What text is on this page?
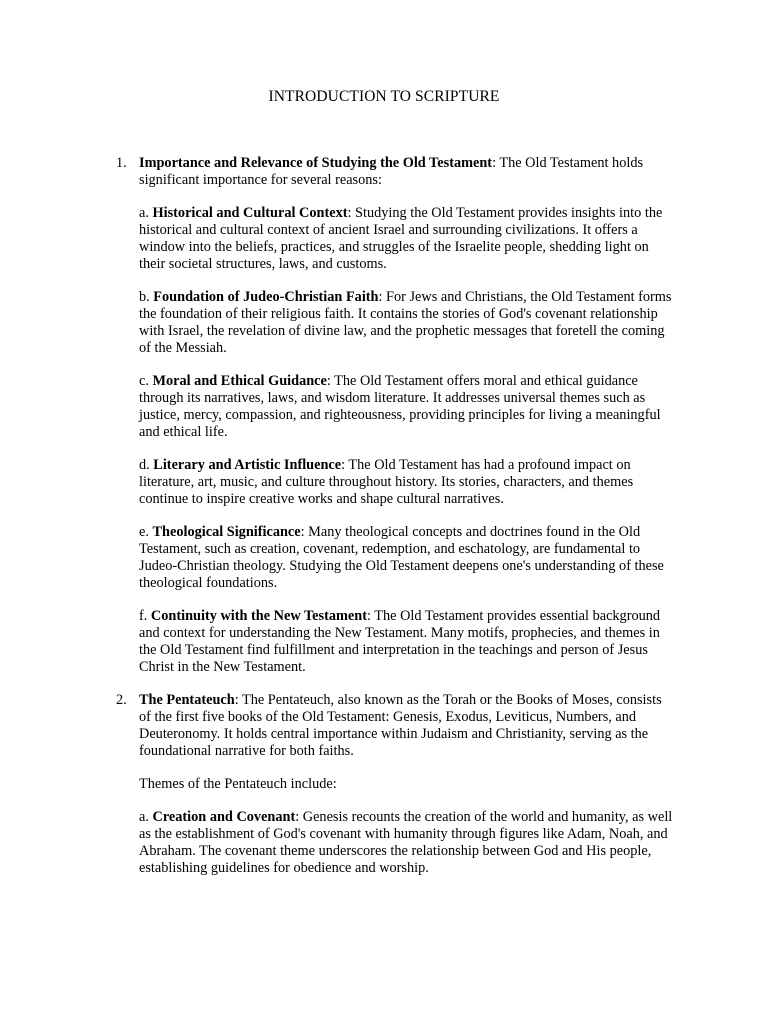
INTRODUCTION TO SCRIPTURE
1. Importance and Relevance of Studying the Old Testament: The Old Testament holds significant importance for several reasons:

a. Historical and Cultural Context: Studying the Old Testament provides insights into the historical and cultural context of ancient Israel and surrounding civilizations. It offers a window into the beliefs, practices, and struggles of the Israelite people, shedding light on their societal structures, laws, and customs.

b. Foundation of Judeo-Christian Faith: For Jews and Christians, the Old Testament forms the foundation of their religious faith. It contains the stories of God's covenant relationship with Israel, the revelation of divine law, and the prophetic messages that foretell the coming of the Messiah.

c. Moral and Ethical Guidance: The Old Testament offers moral and ethical guidance through its narratives, laws, and wisdom literature. It addresses universal themes such as justice, mercy, compassion, and righteousness, providing principles for living a meaningful and ethical life.

d. Literary and Artistic Influence: The Old Testament has had a profound impact on literature, art, music, and culture throughout history. Its stories, characters, and themes continue to inspire creative works and shape cultural narratives.

e. Theological Significance: Many theological concepts and doctrines found in the Old Testament, such as creation, covenant, redemption, and eschatology, are fundamental to Judeo-Christian theology. Studying the Old Testament deepens one's understanding of these theological foundations.

f. Continuity with the New Testament: The Old Testament provides essential background and context for understanding the New Testament. Many motifs, prophecies, and themes in the Old Testament find fulfillment and interpretation in the teachings and person of Jesus Christ in the New Testament.

2. The Pentateuch: The Pentateuch, also known as the Torah or the Books of Moses, consists of the first five books of the Old Testament: Genesis, Exodus, Leviticus, Numbers, and Deuteronomy. It holds central importance within Judaism and Christianity, serving as the foundational narrative for both faiths.

Themes of the Pentateuch include:

a. Creation and Covenant: Genesis recounts the creation of the world and humanity, as well as the establishment of God's covenant with humanity through figures like Adam, Noah, and Abraham. The covenant theme underscores the relationship between God and His people, establishing guidelines for obedience and worship.
